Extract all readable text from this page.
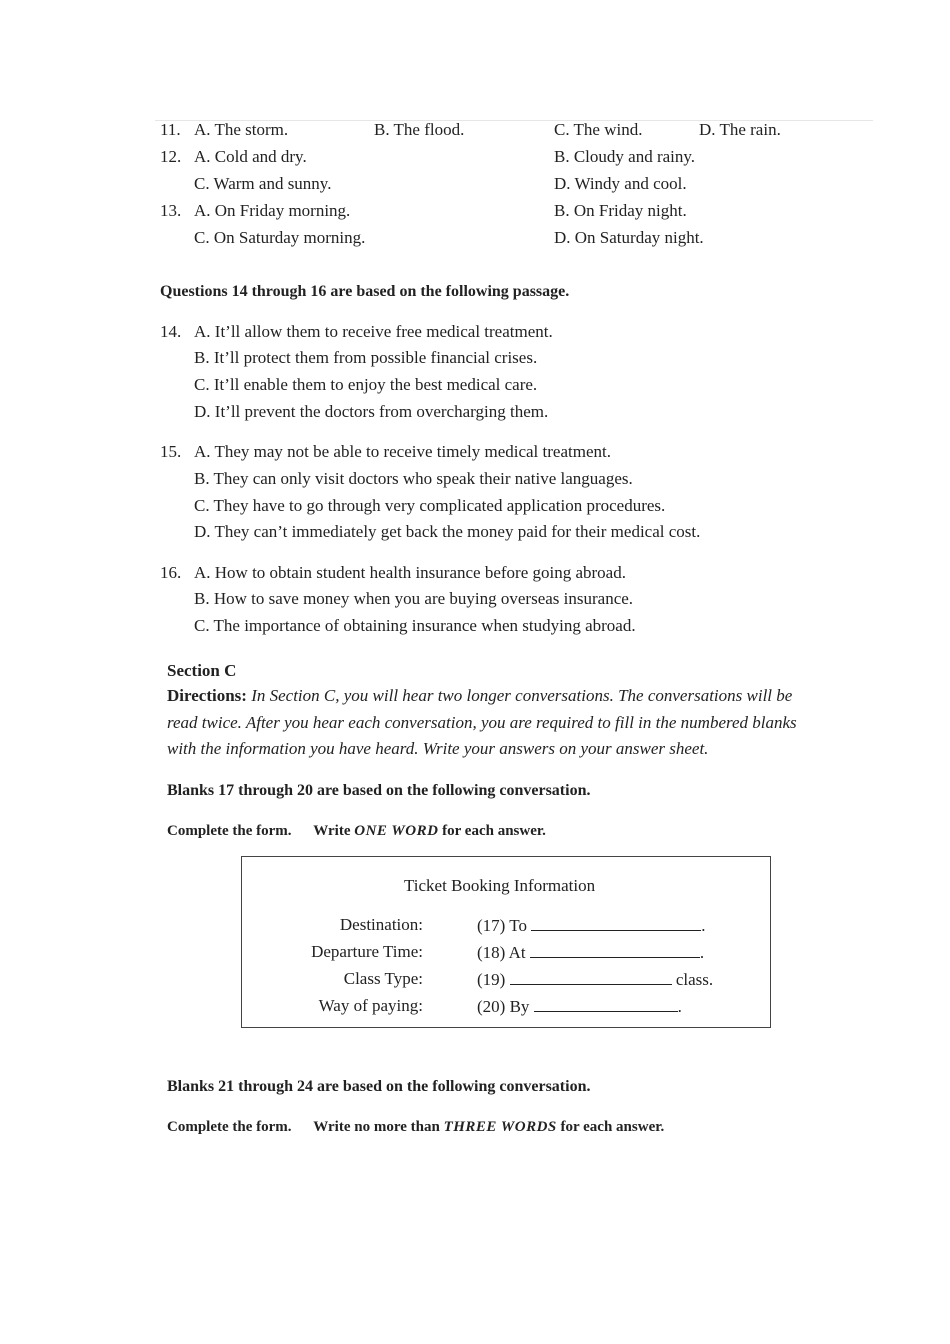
11. A. The storm.	B. The flood.	C. The wind.	D. The rain.
12. A. Cold and dry.	B. Cloudy and rainy.
C. Warm and sunny.	D. Windy and cool.
13. A. On Friday morning.	B. On Friday night.
C. On Saturday morning.	D. On Saturday night.
Questions 14 through 16 are based on the following passage.
14. A. It’ll allow them to receive free medical treatment.
B. It’ll protect them from possible financial crises.
C. It’ll enable them to enjoy the best medical care.
D. It’ll prevent the doctors from overcharging them.
15. A. They may not be able to receive timely medical treatment.
B. They can only visit doctors who speak their native languages.
C. They have to go through very complicated application procedures.
D. They can’t immediately get back the money paid for their medical cost.
16. A. How to obtain student health insurance before going abroad.
B. How to save money when you are buying overseas insurance.
C. The importance of obtaining insurance when studying abroad.
Section C
Directions: In Section C, you will hear two longer conversations. The conversations will be
read twice. After you hear each conversation, you are required to fill in the numbered blanks
with the information you have heard. Write your answers on your answer sheet.
Blanks 17 through 20 are based on the following conversation.
Complete the form. Write ONE WORD for each answer.
Ticket Booking Information
Destination:	(17) To	.
Departure Time:	(18) At	.
Class Type:	(19)	class.
Way of paying:	(20) By	.
Blanks 21 through 24 are based on the following conversation.
Complete the form. Write no more than THREE WORDS for each answer.
